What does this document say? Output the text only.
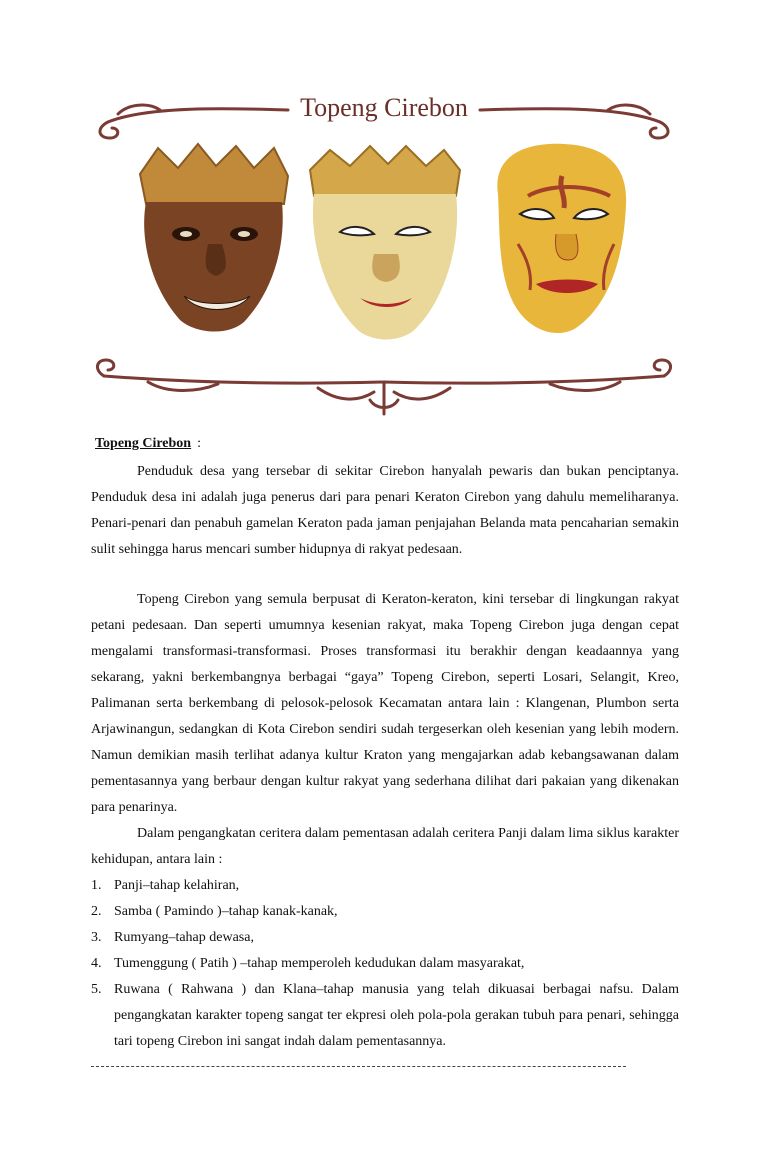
Topeng Cirebon
Topeng Cirebon :

Penduduk desa yang tersebar di sekitar Cirebon hanyalah pewaris dan bukan penciptanya. Penduduk desa ini adalah juga penerus dari para penari Keraton Cirebon yang dahulu memeliharanya. Penari-penari dan penabuh gamelan Keraton pada jaman penjajahan Belanda mata pencaharian semakin sulit sehingga harus mencari sumber hidupnya di rakyat pedesaan.

Topeng Cirebon yang semula berpusat di Keraton-keraton, kini tersebar di lingkungan rakyat petani pedesaan. Dan seperti umumnya kesenian rakyat, maka Topeng Cirebon juga dengan cepat mengalami transformasi-transformasi. Proses transformasi itu berakhir dengan keadaannya yang sekarang, yakni berkembangnya berbagai “gaya” Topeng Cirebon, seperti Losari, Selangit, Kreo, Palimanan serta berkembang di pelosok-pelosok Kecamatan antara lain : Klangenan, Plumbon serta Arjawinangun, sedangkan di Kota Cirebon sendiri sudah tergeserkan oleh kesenian yang lebih modern. Namun demikian masih terlihat adanya kultur Kraton yang mengajarkan adab kebangsawanan dalam pementasannya yang berbaur dengan kultur rakyat yang sederhana dilihat dari pakaian yang dikenakan para penarinya.

Dalam pengangkatan ceritera dalam pementasan adalah ceritera Panji dalam lima siklus karakter kehidupan, antara lain :

1. Panji–tahap kelahiran,
2. Samba ( Pamindo )–tahap kanak-kanak,
3. Rumyang–tahap dewasa,
4. Tumenggung ( Patih ) –tahap memperoleh kedudukan dalam masyarakat,
5. Ruwana ( Rahwana ) dan Klana–tahap manusia yang telah dikuasai berbagai nafsu. Dalam pengangkatan karakter topeng sangat ter ekpresi oleh pola-pola gerakan tubuh para penari, sehingga tari topeng Cirebon ini sangat indah dalam pementasannya.
